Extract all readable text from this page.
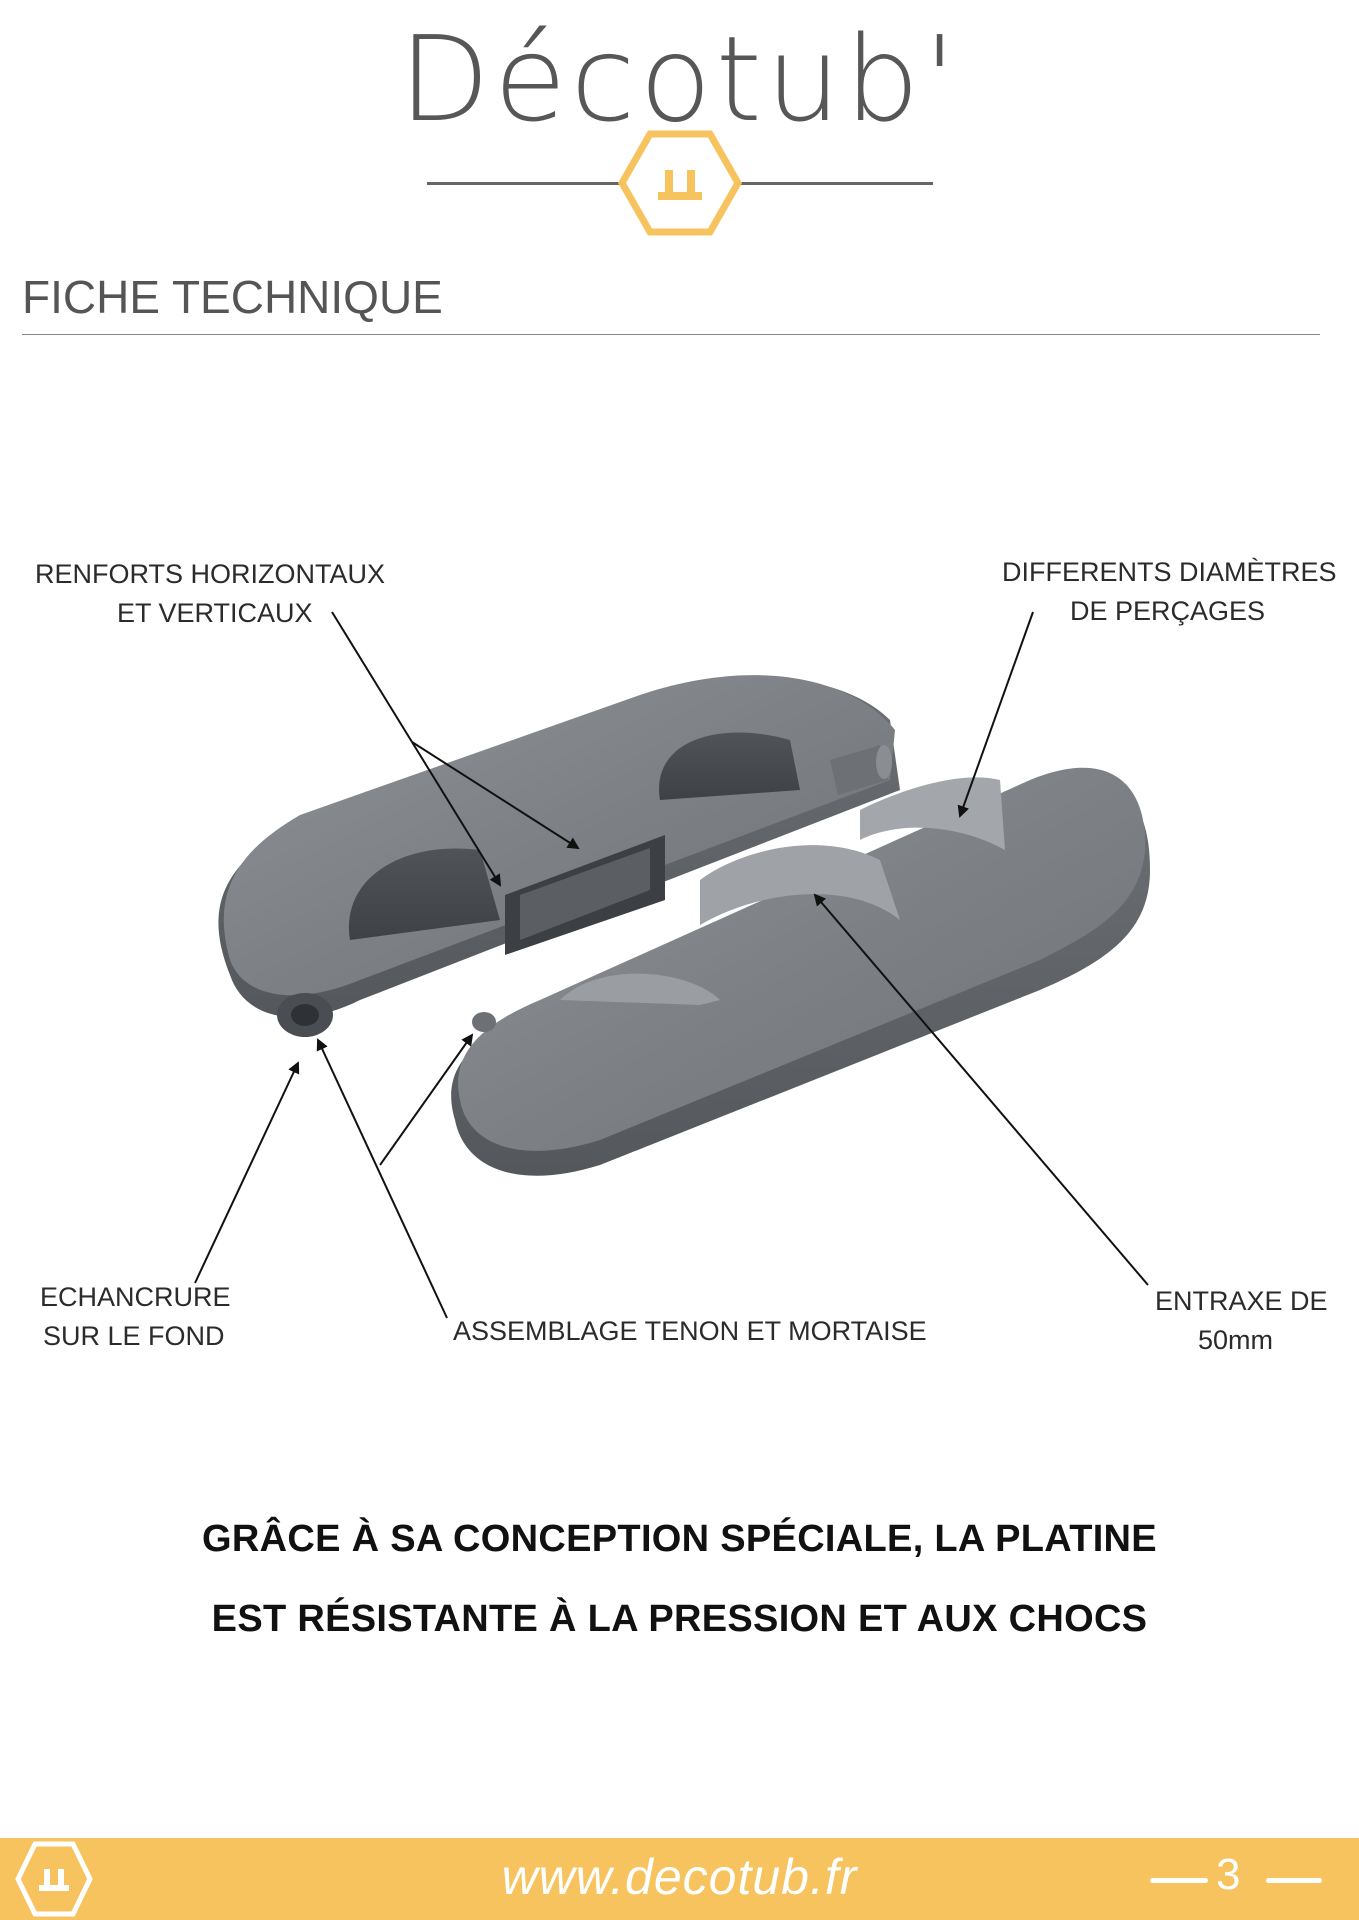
Décotub'
FICHE TECHNIQUE
RENFORTS HORIZONTAUX
ET VERTICAUX
DIFFERENTS DIAMÈTRES
DE PERÇAGES
ECHANCRURE
SUR LE FOND	ASSEMBLAGE TENON ET MORTAISE
ENTRAXE DE
50mm
GRÂCE À SA CONCEPTION SPÉCIALE, LA PLATINE
EST RÉSISTANTE À LA PRESSION ET AUX CHOCS
www.decotub.fr	3
